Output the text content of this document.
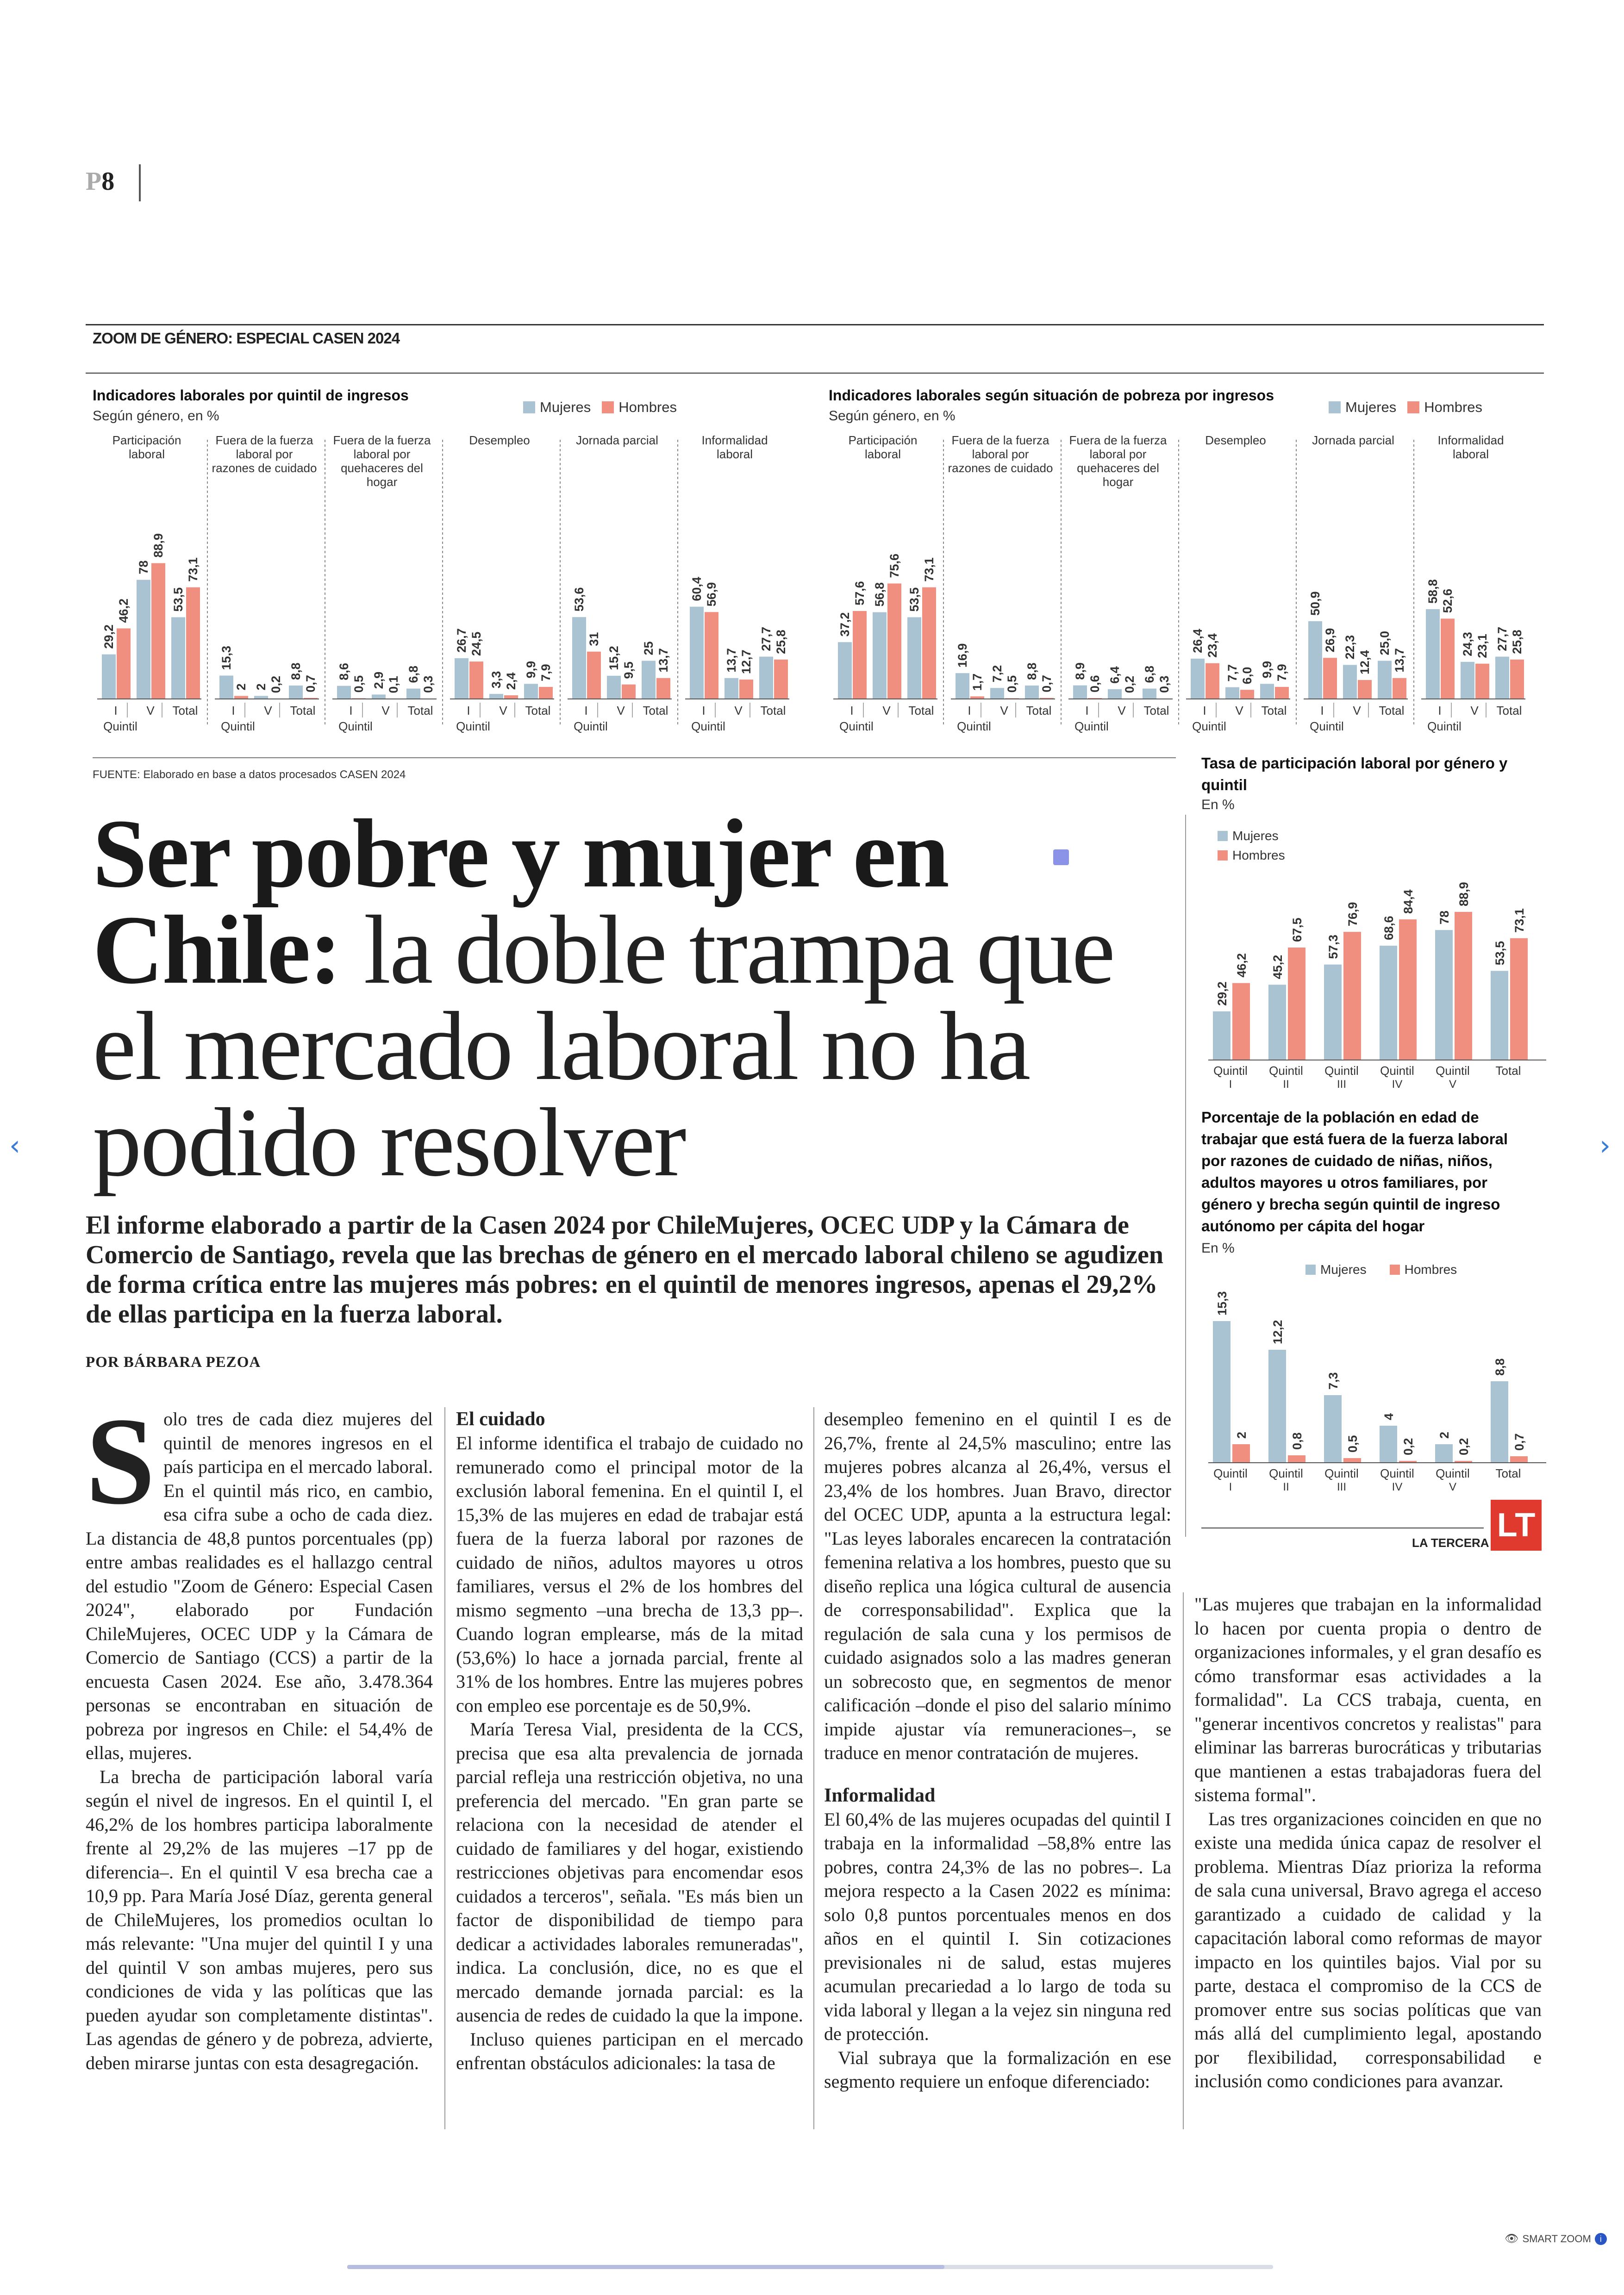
P8
ZOOM DE GÉNERO: ESPECIAL CASEN 2024
Indicadores laborales por quintil de ingresos
Según género, en %
Mujeres Hombres
Participación
laboral
29,2
46,2
I
78
88,9
V
53,5
73,1
Total
Quintil
Fuera de la fuerza
laboral por
razones de cuidado
15,3
2
I
2 0,2
V
8,8
0,7
Total
Quintil
Fuera de la fuerza
laboral por
quehaceres del
hogar
8,6
0,5
I
2,9 0,1
V
6,8
0,3
Total
Quintil
Desempleo
26,7 24,5
I
3,3 2,4
V
9,9 7,9
Total
Quintil
Jornada parcial
53,6
31
I
15,2
9,5
V
25 13,7
Total
Quintil
Informalidad
laboral
60,4 56,9
I
13,7 12,7
V
27,7 25,8
Total
Quintil
Indicadores laborales según situación de pobreza por ingresos
Según género, en %
Mujeres Hombres
Participación
laboral
37,2
57,6
I
56,8
75,6
V
53,5
73,1
Total
Quintil
Fuera de la fuerza
laboral por
razones de cuidado
16,9
1,7
I
7,2
0,5
V
8,8
0,7
Total
Quintil
Fuera de la fuerza
laboral por
quehaceres del
hogar
8,9
0,6
I
6,4
0,2
V
6,8
0,3
Total
Quintil
Desempleo
26,4 23,4
I
7,7 6,0
V
9,9 7,9
Total
Quintil
Jornada parcial
50,9
26,9
I
22,3
12,4
V
25,0
13,7
Total
Quintil
Informalidad
laboral
58,8 52,6
I
24,3 23,1
V
27,7 25,8
Total
Quintil
FUENTE: Elaborado en base a datos procesados CASEN 2024
Tasa de participación laboral por género y quintil
En %
Mujeres
Hombres
29,2
46,2
Quintil
I
45,2
67,5
Quintil
II
57,3
76,9
Quintil
III
68,6
84,4
Quintil
IV
78
88,9
Quintil
V
53,5
73,1
Total
Porcentaje de la población en edad de trabajar que está fuera de la fuerza laboral por razones de cuidado de niñas, niños, adultos mayores u otros familiares, por género y brecha según quintil de ingreso autónomo per cápita del hogar
En %
Mujeres	Hombres
15,3
2
Quintil
I
12,2
0,8
Quintil
II
7,3
0,5
Quintil
III
4
0,2
Quintil
IV
2
0,2
Quintil
V
8,8
0,7
Total
LA TERCERA LT
Ser pobre y mujer en Chile: la doble trampa que el mercado laboral no ha podido resolver
El informe elaborado a partir de la Casen 2024 por ChileMujeres, OCEC UDP y la Cámara de Comercio de Santiago, revela que las brechas de género en el mercado laboral chileno se agudizen de forma crítica entre las mujeres más pobres: en el quintil de menores ingresos, apenas el 29,2% de ellas participa en la fuerza laboral.
POR BÁRBARA PEZOA
S olo tres de cada diez mujeres del quintil de menores ingresos en el país participa en el mercado laboral. En el quintil más rico, en cambio, esa cifra sube a ocho de cada diez. La distancia de 48,8 puntos porcentuales (pp) entre ambas realidades es el hallazgo central del estudio "Zoom de Género: Especial Casen 2024", elaborado por Fundación ChileMujeres, OCEC UDP y la Cámara de Comercio de Santiago (CCS) a partir de la encuesta Casen 2024. Ese año, 3.478.364 personas se encontraban en situación de pobreza por ingresos en Chile: el 54,4% de ellas, mujeres.

La brecha de participación laboral varía según el nivel de ingresos. En el quintil I, el 46,2% de los hombres participa laboralmente frente al 29,2% de las mujeres –17 pp de diferencia–. En el quintil V esa brecha cae a 10,9 pp. Para María José Díaz, gerenta general de ChileMujeres, los promedios ocultan lo más relevante: "Una mujer del quintil I y una del quintil V son ambas mujeres, pero sus condiciones de vida y las políticas que las pueden ayudar son completamente distintas". Las agendas de género y de pobreza, advierte, deben mirarse juntas con esta desagregación.

El cuidado

El informe identifica el trabajo de cuidado no remunerado como el principal motor de la exclusión laboral femenina. En el quintil I, el 15,3% de las mujeres en edad de trabajar está fuera de la fuerza laboral por razones de cuidado de niños, adultos mayores u otros familiares, versus el 2% de los hombres del mismo segmento –una brecha de 13,3 pp–. Cuando logran emplearse, más de la mitad (53,6%) lo hace a jornada parcial, frente al 31% de los hombres. Entre las mujeres pobres con empleo ese porcentaje es de 50,9%.

María Teresa Vial, presidenta de la CCS, precisa que esa alta prevalencia de jornada parcial refleja una restricción objetiva, no una preferencia del mercado. "En gran parte se relaciona con la necesidad de atender el cuidado de familiares y del hogar, existiendo restricciones objetivas para encomendar esos cuidados a terceros", señala. "Es más bien un factor de disponibilidad de tiempo para dedicar a actividades laborales remuneradas", indica. La conclusión, dice, no es que el mercado demande jornada parcial: es la ausencia de redes de cuidado la que la impone.

Incluso quienes participan en el mercado enfrentan obstáculos adicionales: la tasa de

desempleo femenino en el quintil I es de 26,7%, frente al 24,5% masculino; entre las mujeres pobres alcanza al 26,4%, versus el 23,4% de los hombres. Juan Bravo, director del OCEC UDP, apunta a la estructura legal: "Las leyes laborales encarecen la contratación femenina relativa a los hombres, puesto que su diseño replica una lógica cultural de ausencia de corresponsabilidad". Explica que la regulación de sala cuna y los permisos de cuidado asignados solo a las madres generan un sobrecosto que, en segmentos de menor calificación –donde el piso del salario mínimo impide ajustar vía remuneraciones–, se traduce en menor contratación de mujeres.

Informalidad

El 60,4% de las mujeres ocupadas del quintil I trabaja en la informalidad –58,8% entre las pobres, contra 24,3% de las no pobres–. La mejora respecto a la Casen 2022 es mínima: solo 0,8 puntos porcentuales menos en dos años en el quintil I. Sin cotizaciones previsionales ni de salud, estas mujeres acumulan precariedad a lo largo de toda su vida laboral y llegan a la vejez sin ninguna red de protección.

Vial subraya que la formalización en ese segmento requiere un enfoque diferenciado:

"Las mujeres que trabajan en la informalidad lo hacen por cuenta propia o dentro de organizaciones informales, y el gran desafío es cómo transformar esas actividades a la formalidad". La CCS trabaja, cuenta, en "generar incentivos concretos y realistas" para eliminar las barreras burocráticas y tributarias que mantienen a estas trabajadoras fuera del sistema formal".

Las tres organizaciones coinciden en que no existe una medida única capaz de resolver el problema. Mientras Díaz prioriza la reforma de sala cuna universal, Bravo agrega el acceso garantizado a cuidado de calidad y la capacitación laboral como reformas de mayor impacto en los quintiles bajos. Vial por su parte, destaca el compromiso de la CCS de promover entre sus socias políticas que van más allá del cumplimiento legal, apostando por flexibilidad, corresponsabilidad e inclusión como condiciones para avanzar.

‹	›
👁 SMART ZOOM	i
